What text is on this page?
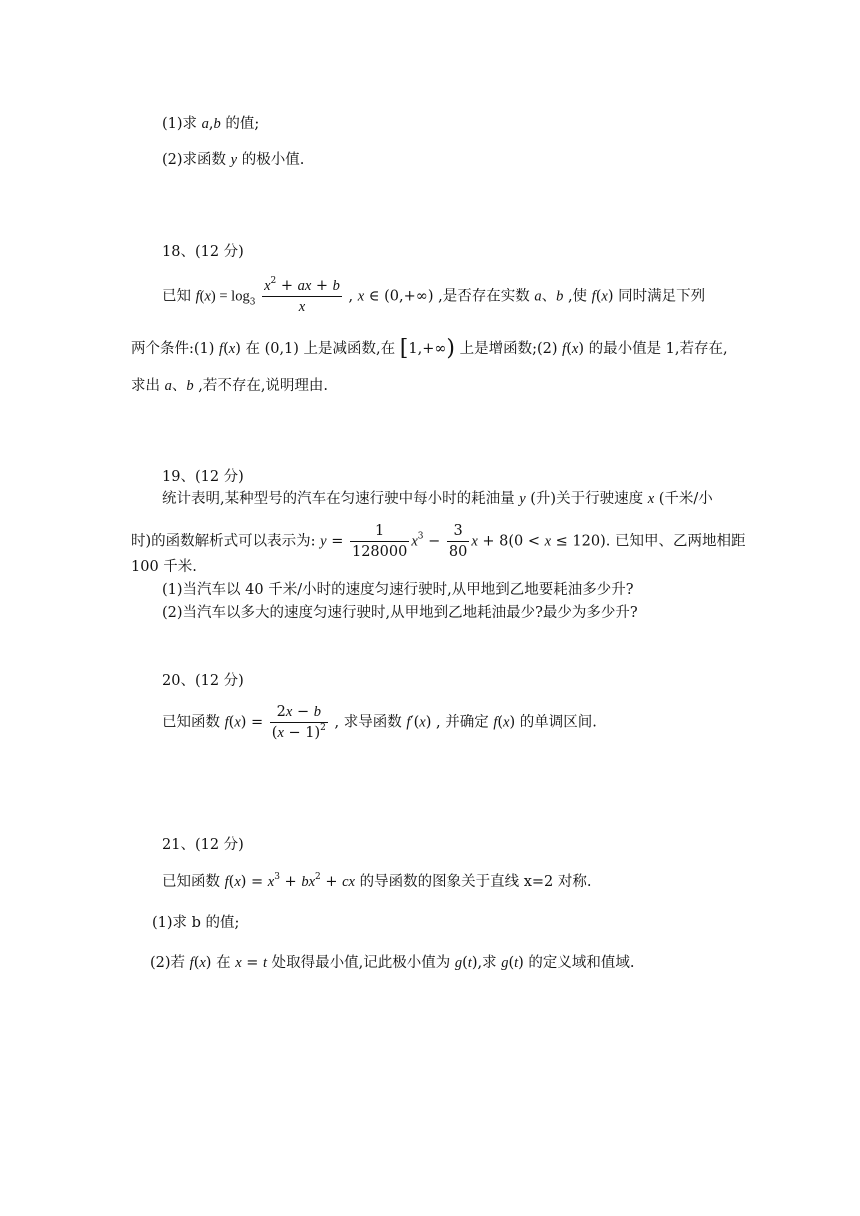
(1)求 a,b 的值;
(2)求函数 y 的极小值.
18、(12 分)
已知 $f(x) = \log_3 \frac{x^2 + ax + b}{x}$ , x ∈ (0,+∞) ,是否存在实数 a、b ,使 f(x) 同时满足下列
两个条件:(1) f(x) 在 (0,1) 上是减函数,在 [1,+∞) 上是增函数;(2) f(x) 的最小值是 1,若存在,
求出 a、b ,若不存在,说明理由.
19、(12 分)
统计表明,某种型号的汽车在匀速行驶中每小时的耗油量 y (升)关于行驶速度 x (千米/小
时)的函数解析式可以表示为: $y = \frac{1}{128000} x^3 - \frac{3}{80}$ x + 8(0 < x ≤ 120). 已知甲、乙两地相距
100 千米.
(1)当汽车以 40 千米/小时的速度匀速行驶时,从甲地到乙地要耗油多少升?
(2)当汽车以多大的速度匀速行驶时,从甲地到乙地耗油最少?最少为多少升?
20、(12 分)
已知函数 $f(x) = \frac{2x - b}{(x - 1)^2}$ , 求导函数 f′(x) , 并确定 f(x) 的单调区间.
21、(12 分)
已知函数 $f(x) = x^3 + bx^2$ + cx 的导函数的图象关于直线 x=2 对称.
(1)求 b 的值;
(2)若 f(x) 在 x = t 处取得最小值,记此极小值为 g(t),求 g(t) 的定义域和值域.
